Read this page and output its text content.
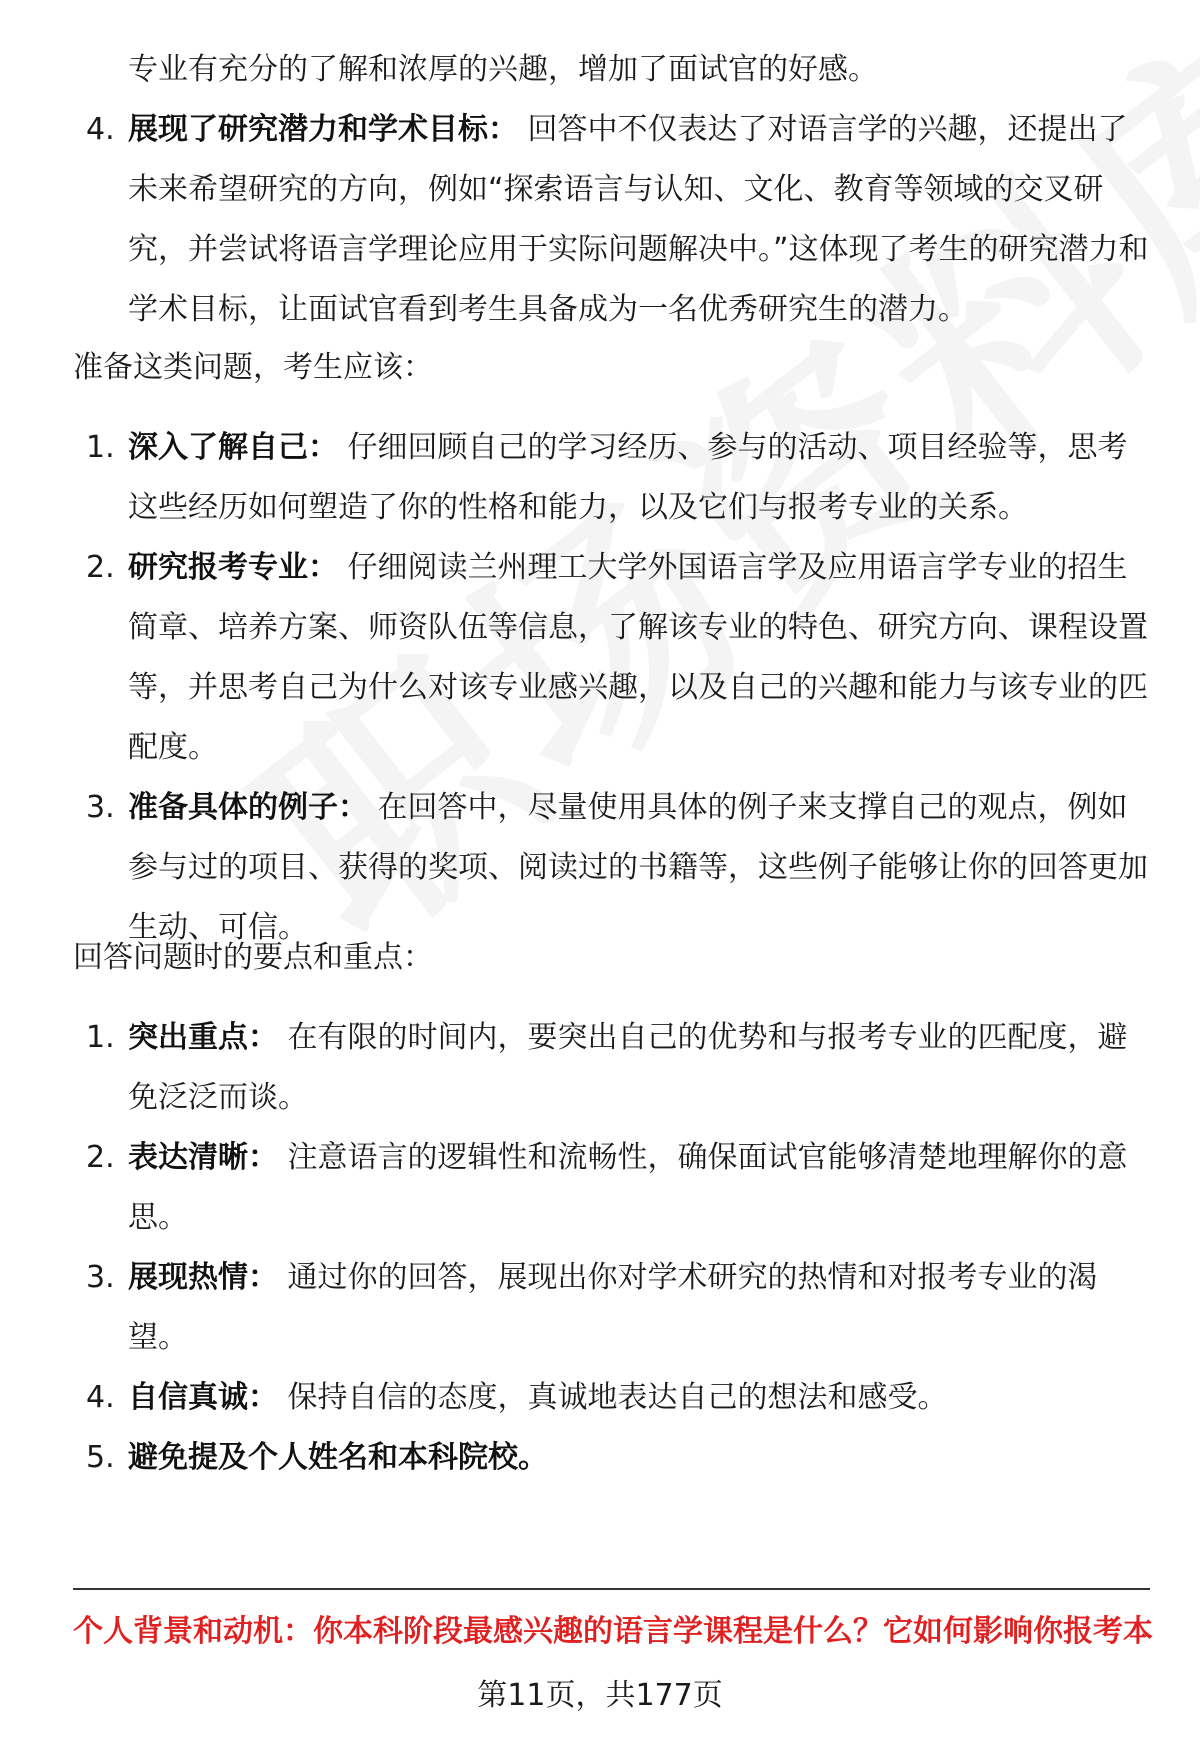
专业有充分的了解和浓厚的兴趣，增加了面试官的好感。
4. 展现了研究潜力和学术目标： 回答中不仅表达了对语言学的兴趣，还提出了未来希望研究的方向，例如“探索语言与认知、文化、教育等领域的交叉研究，并尝试将语言学理论应用于实际问题解决中。”这体现了考生的研究潜力和学术目标，让面试官看到考生具备成为一名优秀研究生的潜力。
准备这类问题，考生应该：
1. 深入了解自己： 仔细回顾自己的学习经历、参与的活动、项目经验等，思考这些经历如何塑造了你的性格和能力，以及它们与报考专业的关系。
2. 研究报考专业： 仔细阅读兰州理工大学外国语言学及应用语言学专业的招生简章、培养方案、师资队伍等信息，了解该专业的特色、研究方向、课程设置等，并思考自己为什么对该专业感兴趣，以及自己的兴趣和能力与该专业的匹配度。
3. 准备具体的例子： 在回答中，尽量使用具体的例子来支撑自己的观点，例如参与过的项目、获得的奖项、阅读过的书籍等，这些例子能够让你的回答更加生动、可信。
回答问题时的要点和重点：
1. 突出重点： 在有限的时间内，要突出自己的优势和与报考专业的匹配度，避免泛泛而谈。
2. 表达清晰： 注意语言的逻辑性和流畅性，确保面试官能够清楚地理解你的意思。
3. 展现热情： 通过你的回答，展现出你对学术研究的热情和对报考专业的渴望。
4. 自信真诚： 保持自信的态度，真诚地表达自己的想法和感受。
5. 避免提及个人姓名和本科院校。
个人背景和动机：你本科阶段最感兴趣的语言学课程是什么？它如何影响你报考本
第11页，共177页
